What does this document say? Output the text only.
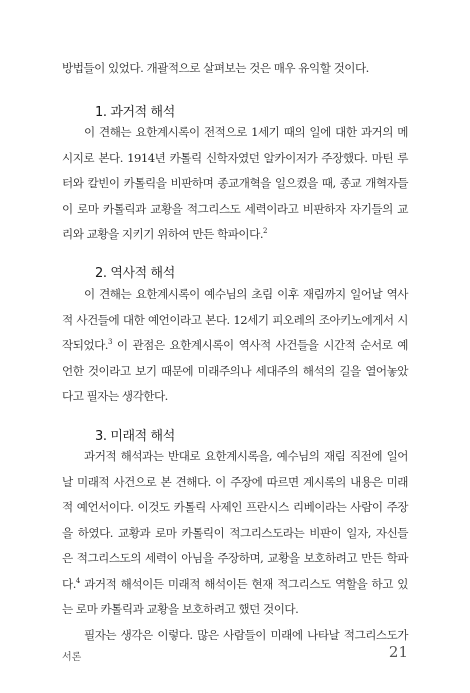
방법들이 있었다. 개괄적으로 살펴보는 것은 매우 유익할 것이다.
1. 과거적 해석
이 견해는 요한계시록이 전적으로 1세기 때의 일에 대한 과거의 메
시지로 본다. 1914년 카톨릭 신학자였던 알카이저가 주장했다. 마틴 루
터와 칼빈이 카톨릭을 비판하며 종교개혁을 일으켰을 때, 종교 개혁자들
이 로마 카톨릭과 교황을 적그리스도 세력이라고 비판하자 자기들의 교
리와 교황을 지키기 위하여 만든 학파이다.$^2$
2. 역사적 해석
이 견해는 요한계시록이 예수님의 초림 이후 재림까지 일어날 역사
적 사건들에 대한 예언이라고 본다. 12세기 피오레의 조아키노에게서 시
작되었다.$^3$ 이 관점은 요한계시록이 역사적 사건들을 시간적 순서로 예
언한 것이라고 보기 때문에 미래주의나 세대주의 해석의 길을 열어놓았
다고 필자는 생각한다.
3. 미래적 해석
과거적 해석과는 반대로 요한계시록을, 예수님의 재림 직전에 일어
날 미래적 사건으로 본 견해다. 이 주장에 따르면 계시록의 내용은 미래
적 예언서이다. 이것도 카톨릭 사제인 프란시스 리베이라는 사람이 주장
을 하였다. 교황과 로마 카톨릭이 적그리스도라는 비판이 일자, 자신들
은 적그리스도의 세력이 아님을 주장하며, 교황을 보호하려고 만든 학파
다.$^4$ 과거적 해석이든 미래적 해석이든 현재 적그리스도 역할을 하고 있
는 로마 카톨릭과 교황을 보호하려고 했던 것이다.
필자는 생각은 이렇다. 많은 사람들이 미래에 나타날 적그리스도가
서론	21
